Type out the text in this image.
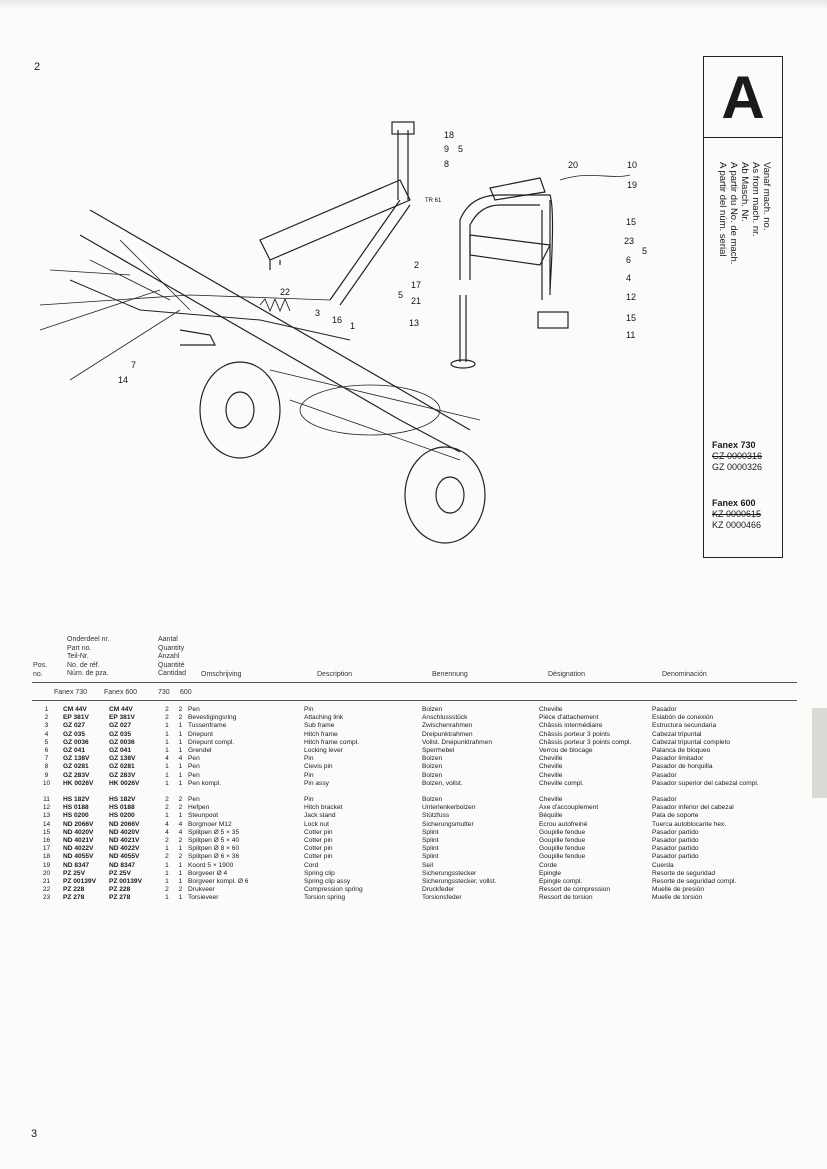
2
3
18
9 5
8
TR 61
20	10
19
15
23
5
6
4
2
17
21
5
13
22
3
16
1
12
15
11
7
14
A
Vanaf mach. no.
As from mach. nr.
Ab Masch. Nr.
A partir du No. de mach.
A partir del núm. serial
Fanex 730
GZ 0000316
GZ 0000326
Fanex 600
KZ 0000615
KZ 0000466
Onderdeel nr.
Part no.
Teil-Nr.
No. de réf.
Núm. de pza.
Aantal
Quantity
Anzahl
Quantité
Cantidad
Pos.
no.	Omschrijving	Description	Benennung	Désignation	Denominación
Fanex 730 Fanex 600	730 600
1	CM 44V	CM 44V	2	2	Pen	Pin	Bolzen	Cheville	Pasador
2	EP 381V	EP 381V	2	2	Bevestigingsring	Attaching link	Anschlussstück	Pièce d'attachement	Eslabón de conexión
3	GZ 027	GZ 027	1	1	Tussenframe	Sub frame	Zwischenrahmen	Châssis intermédiaire	Estructura secundaria
4	GZ 035	GZ 035	1	1	Driepunt	Hitch frame	Dreipunktrahmen	Châssis porteur 3 points	Cabezal tripuntal
5	GZ 0036	GZ 0036	1	1	Driepunt compl.	Hitch frame compl.	Vollst. Dreipunktrahmen	Châssis porteur 3 points compl.	Cabezal tripuntal completo
6	GZ 041	GZ 041	1	1	Grendel	Locking lever	Sperrhebel	Verrou de blocage	Palanca de bloqueo
7	GZ 138V	GZ 138V	4	4	Pen	Pin	Bolzen	Cheville	Pasador limitador
8	GZ 0281	GZ 0281	1	1	Pen	Clevis pin	Bolzen	Cheville	Pasador de horquilla
9	GZ 283V	GZ 283V	1	1	Pen	Pin	Bolzen	Cheville	Pasador
10	HK 0026V	HK 0026V	1	1	Pen kompl.	Pin assy	Bolzen, vollst.	Cheville compl.	Pasador superior del cabezal compl.

11	HS 182V	HS 182V	2	2	Pen	Pin	Bolzen	Cheville	Pasador
12	HS 0188	HS 0188	2	2	Hefpen	Hitch bracket	Unterlenkerbolzen	Axe d'accouplement	Pasador inferior del cabezal
13	HS 0200	HS 0200	1	1	Steunpoot	Jack stand	Stützfuss	Béquille	Pata de soporte
14	ND 2066V	ND 2066V	4	4	Borgmoer M12	Lock nut	Sicherungsmutter	Ecrou autofreiné	Tuerca autoblocante hex.
15	ND 4020V	ND 4020V	4	4	Splitpen Ø 5 × 35	Cotter pin	Splint	Goupille fendue	Pasador partido
16	ND 4021V	ND 4021V	2	2	Splitpen Ø 5 × 40	Cotter pin	Splint	Goupille fendue	Pasador partido
17	ND 4022V	ND 4022V	1	1	Splitpen Ø 8 × 60	Cotter pin	Splint	Goupille fendue	Pasador partido
18	ND 4055V	ND 4055V	2	2	Splitpen Ø 6 × 36	Cotter pin	Splint	Goupille fendue	Pasador partido
19	ND 8347	ND 8347	1	1	Koord 5 × 1900	Cord	Seil	Corde	Cuerda
20	PZ 25V	PZ 25V	1	1	Borgveer Ø 4	Spring clip	Sicherungsstecker	Epingle	Resorte de seguridad
21	PZ 00139V	PZ 00139V	1	1	Borgveer kompl. Ø 6	Spring clip assy	Sicherungsstecker, vollst.	Epingle compl.	Resorte de seguridad compl.
22	PZ 228	PZ 228	2	2	Drukveer	Compression spring	Druckfeder	Ressort de compression	Muelle de presión
23	PZ 278	PZ 278	1	1	Torsieveer	Torsion spring	Torsionsfeder	Ressort de torsion	Muelle de torsión
